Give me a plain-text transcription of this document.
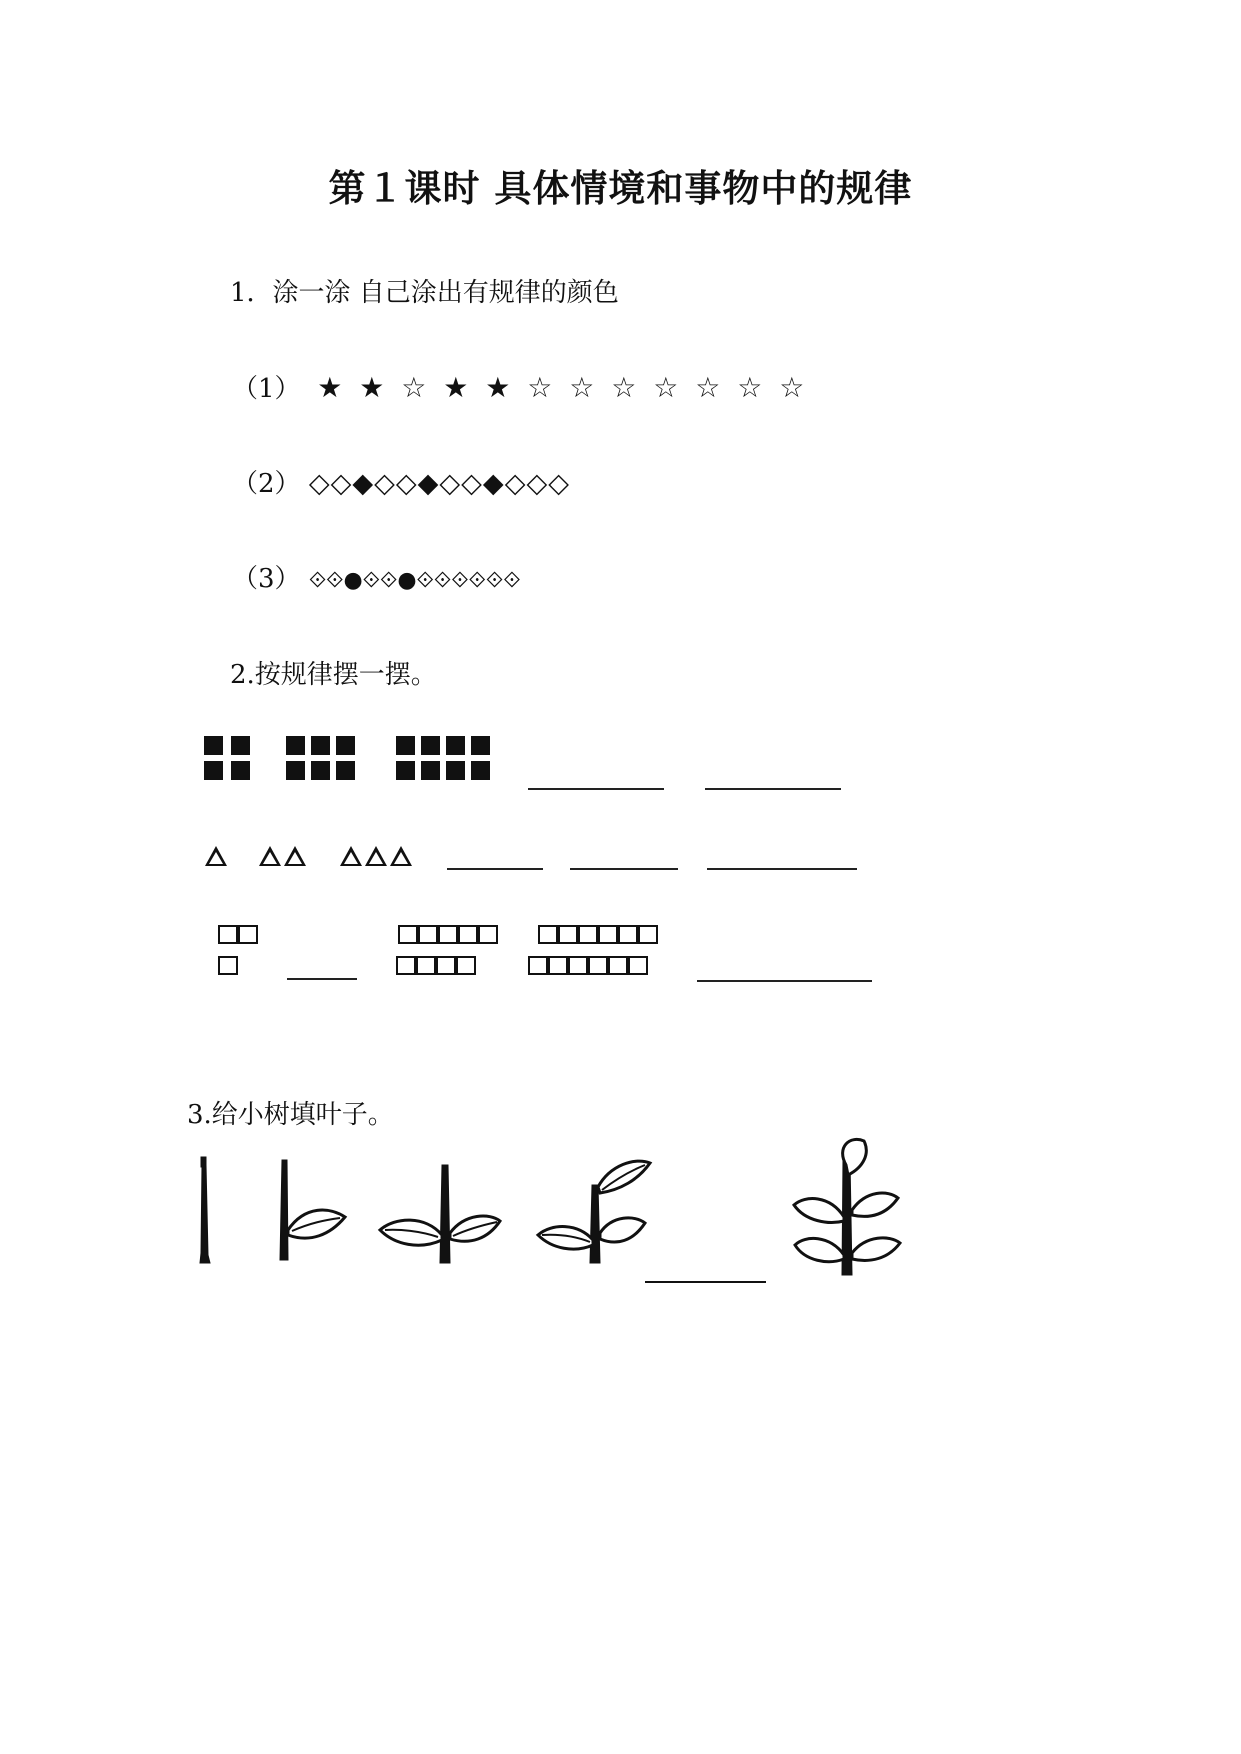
第１课时 具体情境和事物中的规律
1．涂一涂 自己涂出有规律的颜色
（1） ★ ★ ☆ ★ ★ ☆ ☆ ☆ ☆ ☆ ☆ ☆
（2） ◇◇◆◇◇◆◇◇◆◇◇◇
（3） ⟐⟐●⟐⟐●⟐⟐⟐⟐⟐⟐
2.按规律摆一摆。
3.给小树填叶子。
